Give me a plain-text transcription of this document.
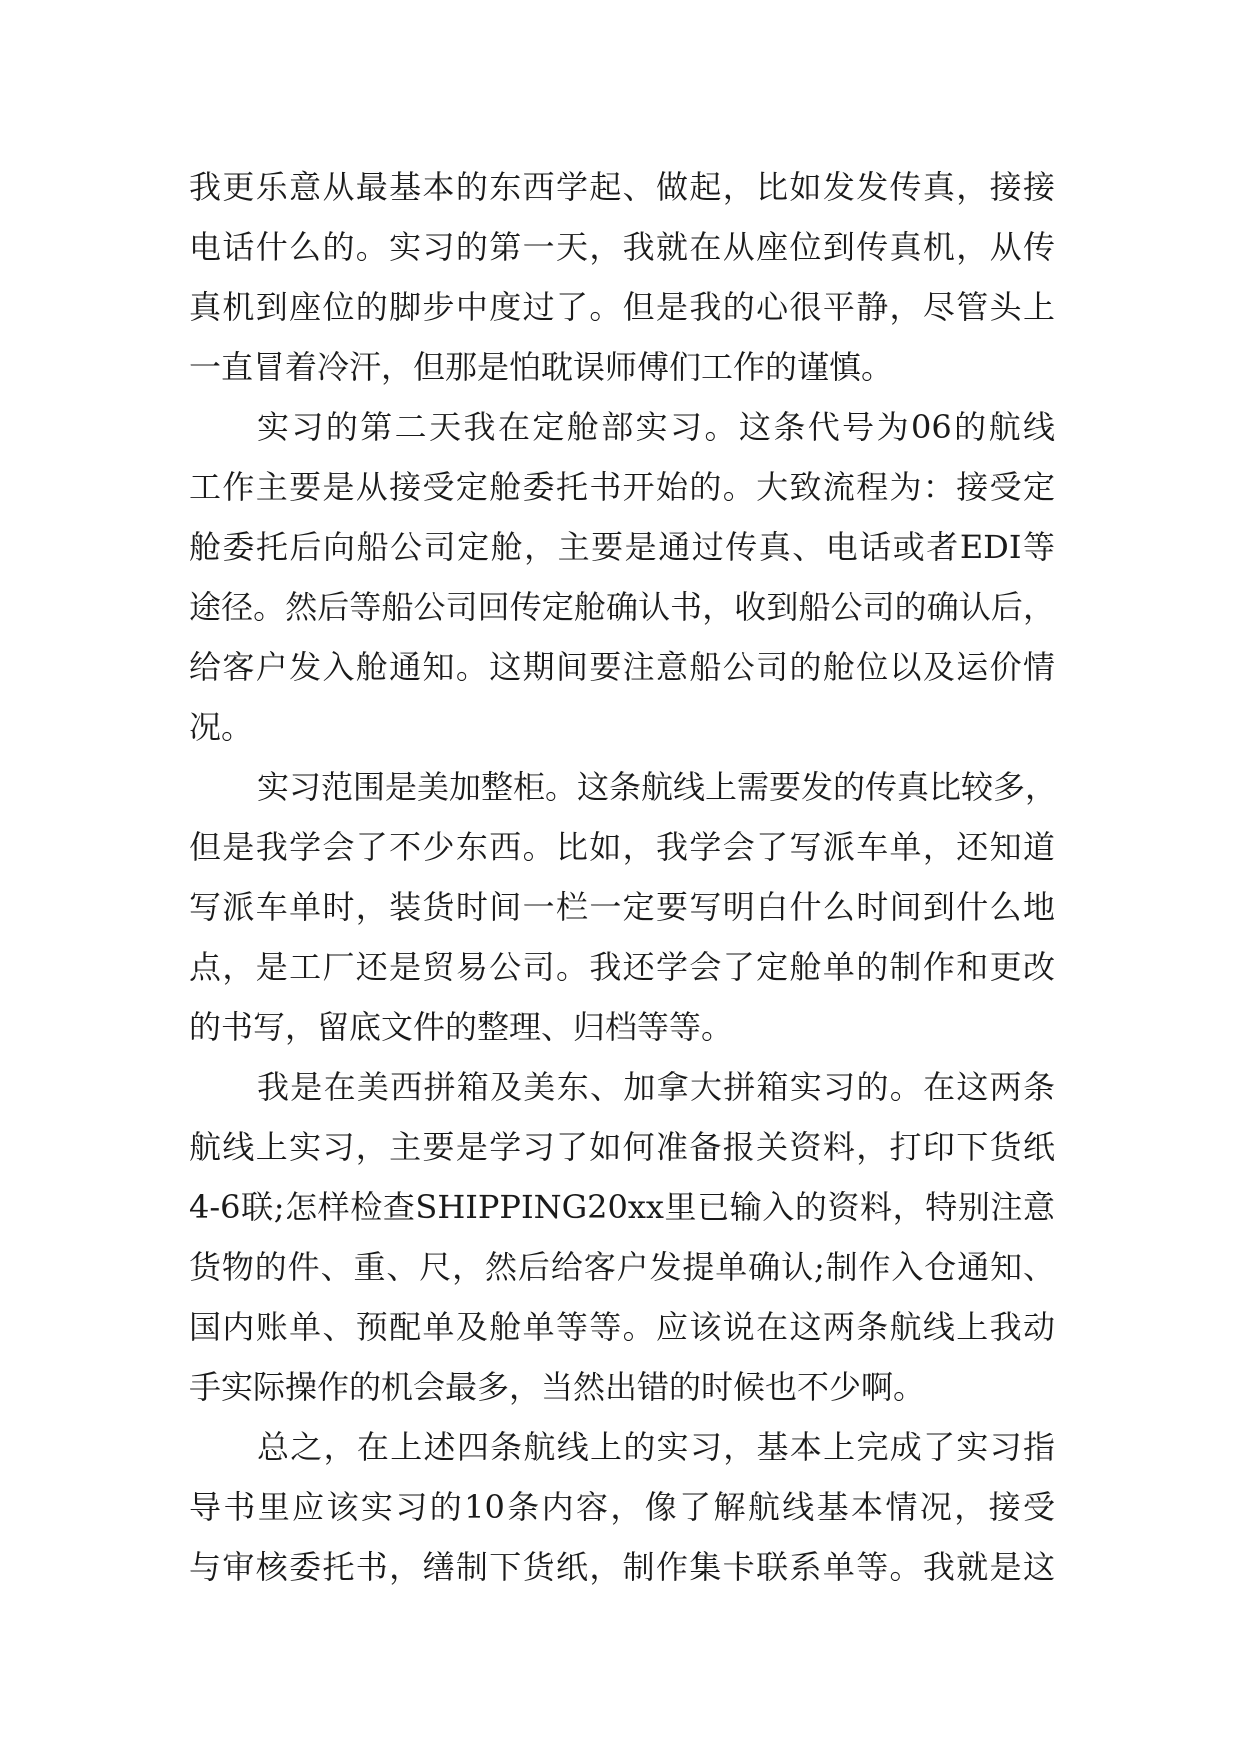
我更乐意从最基本的东西学起、做起，比如发发传真，接接
电话什么的。实习的第一天，我就在从座位到传真机，从传
真机到座位的脚步中度过了。但是我的心很平静，尽管头上
一直冒着冷汗，但那是怕耽误师傅们工作的谨慎。
实习的第二天我在定舱部实习。这条代号为06的航线
工作主要是从接受定舱委托书开始的。大致流程为：接受定
舱委托后向船公司定舱，主要是通过传真、电话或者EDI等
途径。然后等船公司回传定舱确认书，收到船公司的确认后，
给客户发入舱通知。这期间要注意船公司的舱位以及运价情
况。
实习范围是美加整柜。这条航线上需要发的传真比较多，
但是我学会了不少东西。比如，我学会了写派车单，还知道
写派车单时，装货时间一栏一定要写明白什么时间到什么地
点，是工厂还是贸易公司。我还学会了定舱单的制作和更改
的书写，留底文件的整理、归档等等。
我是在美西拼箱及美东、加拿大拼箱实习的。在这两条
航线上实习，主要是学习了如何准备报关资料，打印下货纸
4-6联;怎样检查SHIPPING20xx里已输入的资料，特别注意
货物的件、重、尺，然后给客户发提单确认;制作入仓通知、
国内账单、预配单及舱单等等。应该说在这两条航线上我动
手实际操作的机会最多，当然出错的时候也不少啊。
总之，在上述四条航线上的实习，基本上完成了实习指
导书里应该实习的10条内容，像了解航线基本情况，接受
与审核委托书，缮制下货纸，制作集卡联系单等。我就是这
